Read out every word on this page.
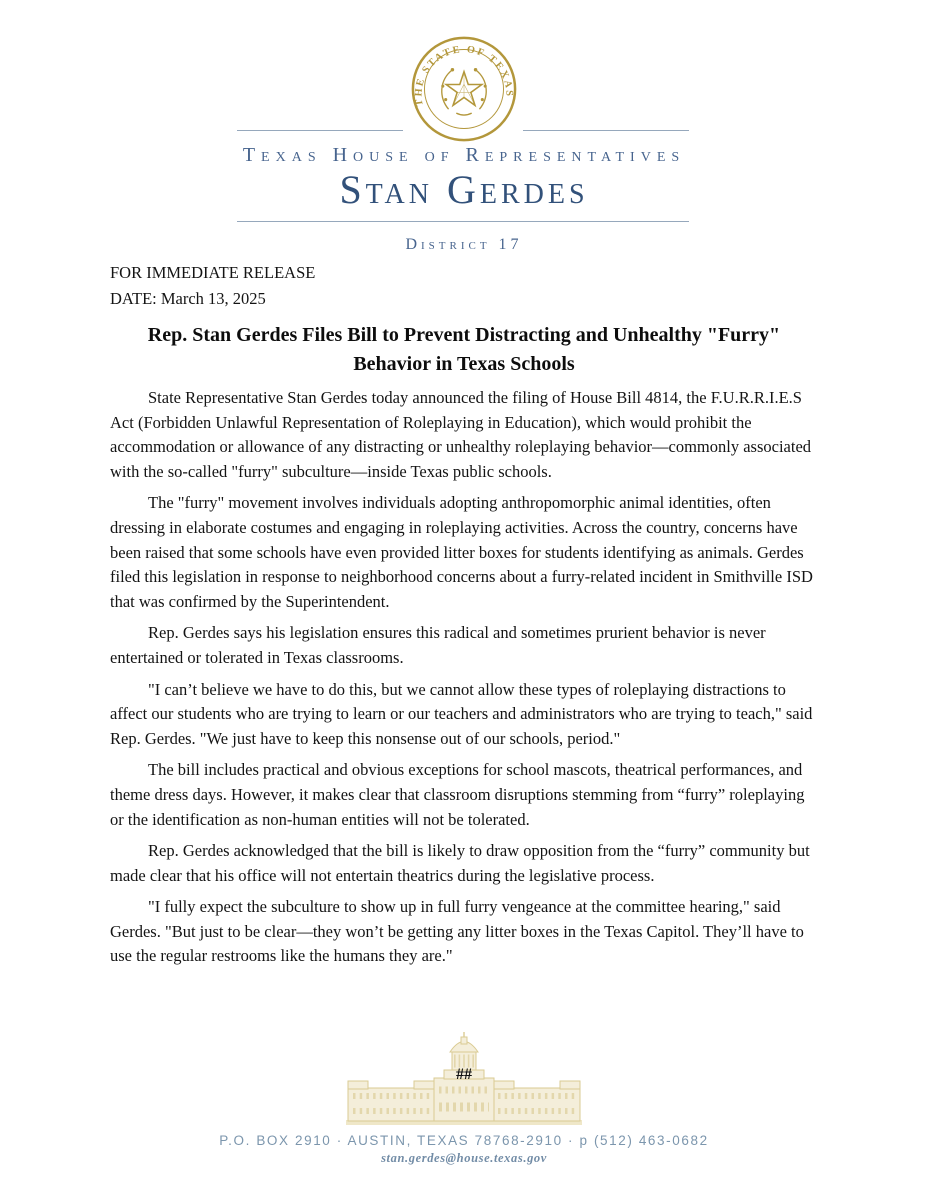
THE STATE OF TEXAS
Texas House of Representatives
Stan Gerdes
District 17
FOR IMMEDIATE RELEASE
DATE: March 13, 2025
Rep. Stan Gerdes Files Bill to Prevent Distracting and Unhealthy "Furry" Behavior in Texas Schools

State Representative Stan Gerdes today announced the filing of House Bill 4814, the F.U.R.R.I.E.S Act (Forbidden Unlawful Representation of Roleplaying in Education), which would prohibit the accommodation or allowance of any distracting or unhealthy roleplaying behavior—commonly associated with the so-called "furry" subculture—inside Texas public schools.

The "furry" movement involves individuals adopting anthropomorphic animal identities, often dressing in elaborate costumes and engaging in roleplaying activities. Across the country, concerns have been raised that some schools have even provided litter boxes for students identifying as animals. Gerdes filed this legislation in response to neighborhood concerns about a furry-related incident in Smithville ISD that was confirmed by the Superintendent.

Rep. Gerdes says his legislation ensures this radical and sometimes prurient behavior is never entertained or tolerated in Texas classrooms.

"I can’t believe we have to do this, but we cannot allow these types of roleplaying distractions to affect our students who are trying to learn or our teachers and administrators who are trying to teach," said Rep. Gerdes. "We just have to keep this nonsense out of our schools, period."

The bill includes practical and obvious exceptions for school mascots, theatrical performances, and theme dress days. However, it makes clear that classroom disruptions stemming from “furry” roleplaying or the identification as non-human entities will not be tolerated.

Rep. Gerdes acknowledged that the bill is likely to draw opposition from the “furry” community but made clear that his office will not entertain theatrics during the legislative process.

"I fully expect the subculture to show up in full furry vengeance at the committee hearing," said Gerdes. "But just to be clear—they won’t be getting any litter boxes in the Texas Capitol. They’ll have to use the regular restrooms like the humans they are."

##
P.O. BOX 2910 · AUSTIN, TEXAS 78768-2910 · p (512) 463-0682
stan.gerdes@house.texas.gov
